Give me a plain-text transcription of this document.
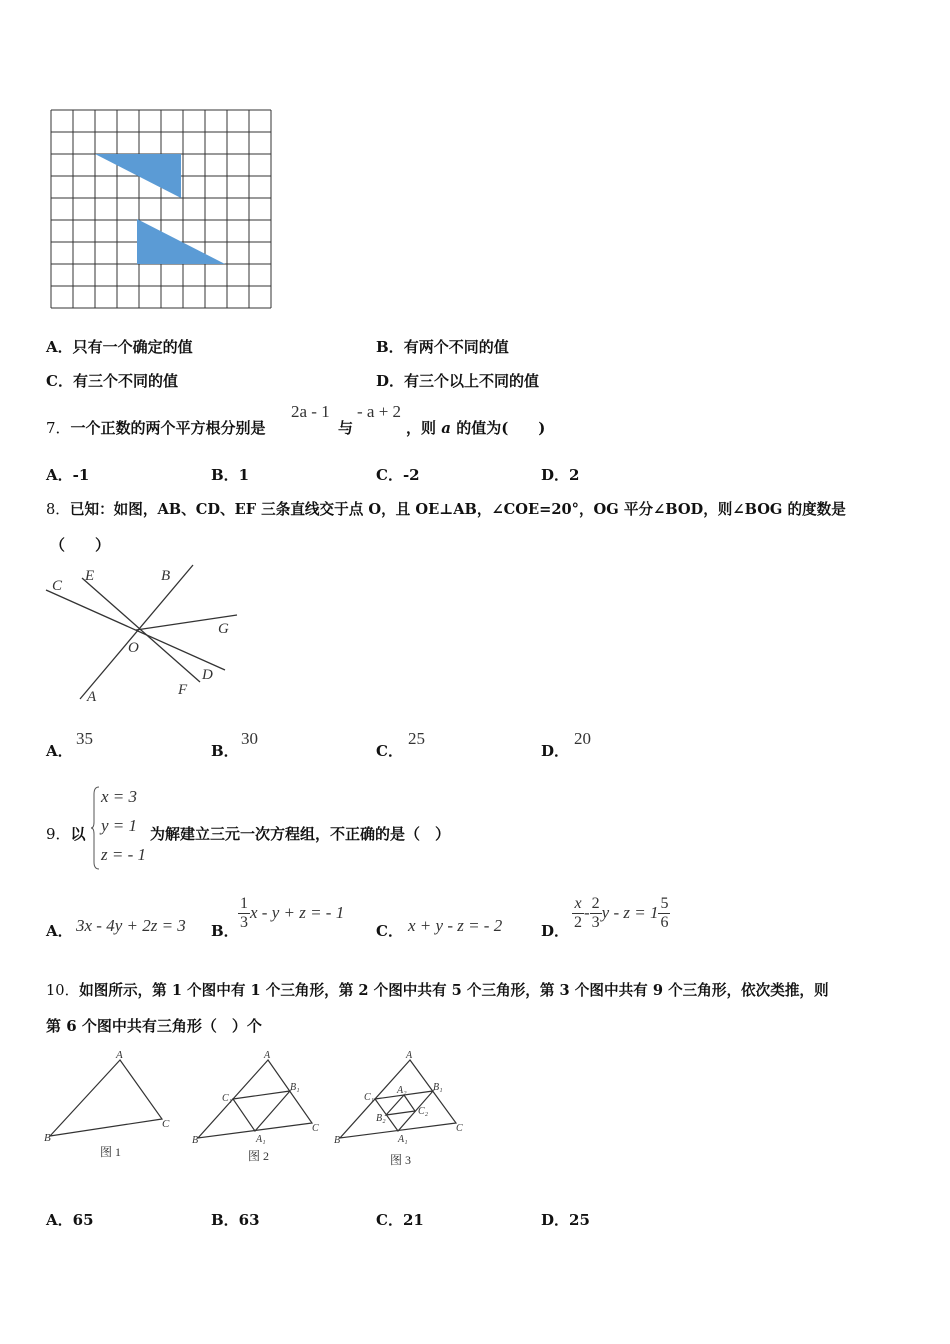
A．只有一个确定的值	B．有两个不同的值
C．有三个不同的值	D．有三个以上不同的值
7．一个正数的两个平方根分别是
2a - 1
与
- a + 2
，则 a 的值为(　　)
A．-1	B．1	C．-2	D．2
8．已知：如图，AB、CD、EF 三条直线交于点 O，且 OE⊥AB，∠COE=20°，OG 平分∠BOD，则∠BOG 的度数是
（　　）
C
E	B
G
O
D
F
A
A．
35
B．
30
C．
25
D．
20
9．以
x = 3
y = 1
z = - 1
为解建立三元一次方程组，不正确的是（　）
A． 3x - 4y + 2z = 3 B． $\frac{1}{3}$ x - y + z = - 1
C． x + y - z = - 2	D． $\frac{x}{2} - \frac{2}{3}$ $y - z = 1 \frac{5}{6}$
10．如图所示，第 1 个图中有 1 个三角形，第 2 个图中共有 5 个三角形，第 3 个图中共有 9 个三角形，依次类推，则
第 6 个图中共有三角形（　）个
A
B
C
图 1
A
B
C
C₁
B₁
A₁
图 2
A
B
C
C₁
B₁
A₁
A₂
B₂
C₂
图 3
A．65	B．63	C．21	D．25
